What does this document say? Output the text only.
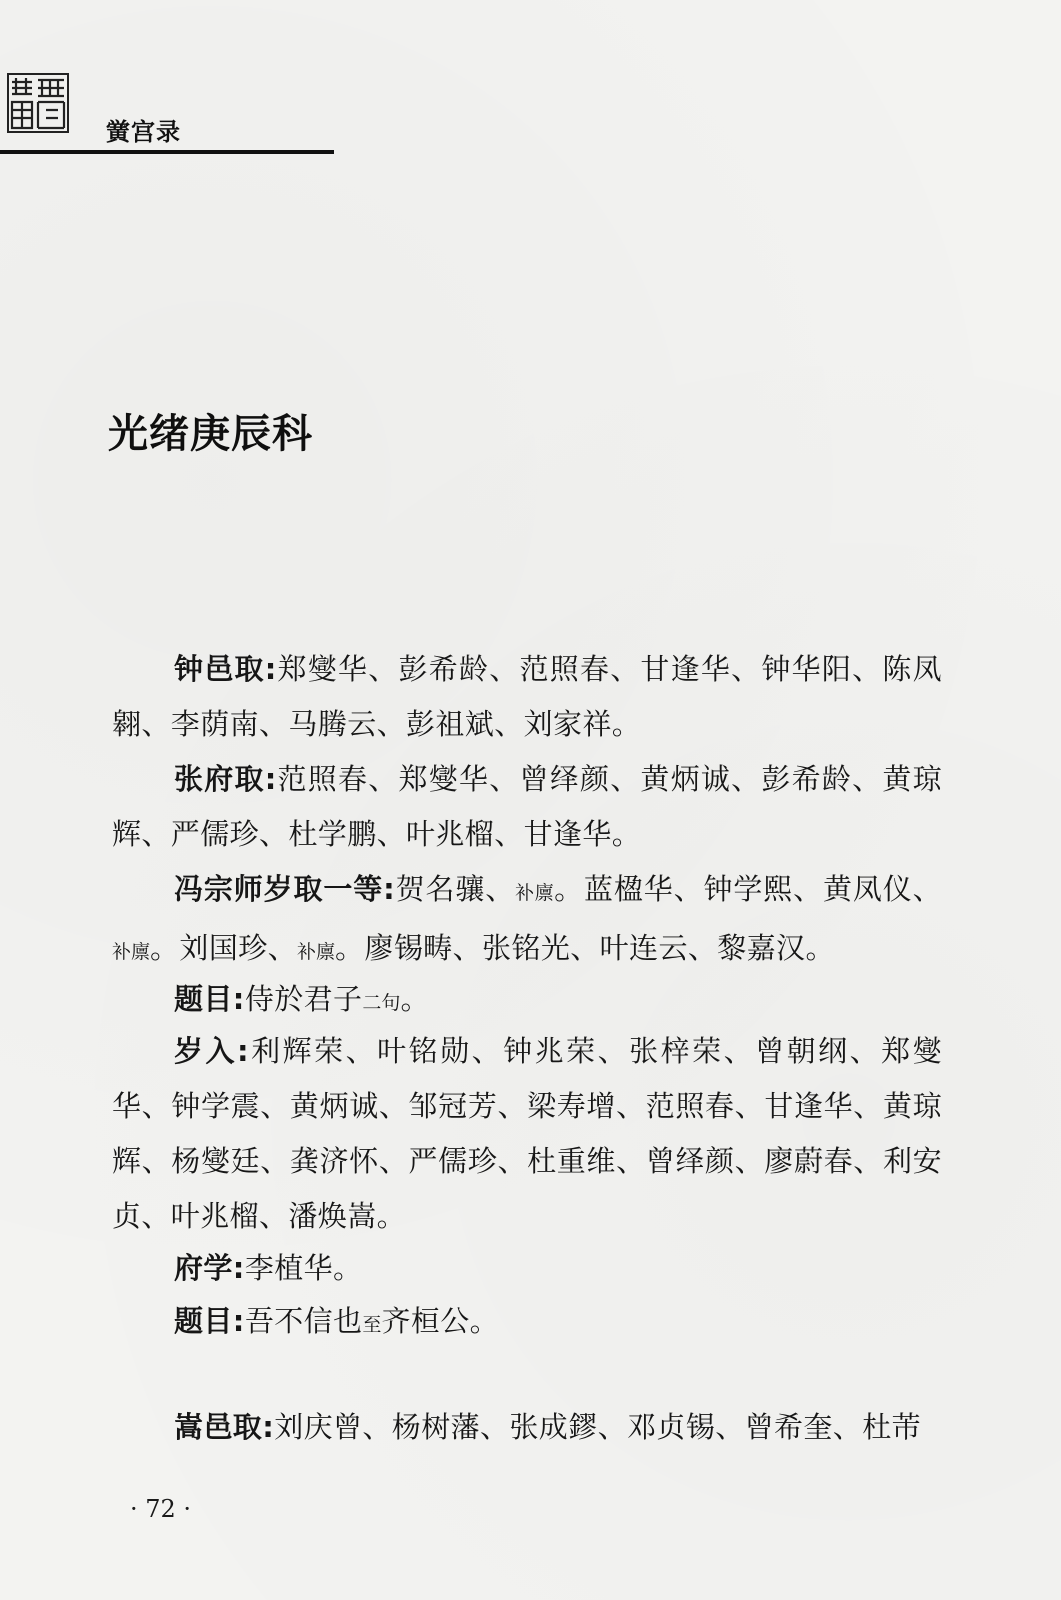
黉宫录
光绪庚辰科

钟邑取:郑燮华、彭希龄、范照春、甘逢华、钟华阳、陈凤翱、李荫南、马腾云、彭祖斌、刘家祥。

张府取:范照春、郑燮华、曾绎颜、黄炳诚、彭希龄、黄琼辉、严儒珍、杜学鹏、叶兆榴、甘逢华。

冯宗师岁取一等:贺名骧、补廪。蓝楹华、钟学熙、黄凤仪、补廪。刘国珍、补廪。廖锡畴、张铭光、叶连云、黎嘉汉。

题目:侍於君子二句。

岁入:利辉荣、叶铭勋、钟兆荣、张梓荣、曾朝纲、郑燮华、钟学震、黄炳诚、邹冠芳、梁寿增、范照春、甘逢华、黄琼辉、杨燮廷、龚济怀、严儒珍、杜重维、曾绎颜、廖蔚春、利安贞、叶兆榴、潘焕嵩。

府学:李植华。

题目:吾不信也至齐桓公。

嵩邑取:刘庆曾、杨树藩、张成鏐、邓贞锡、曾希奎、杜芾

· 72 ·
